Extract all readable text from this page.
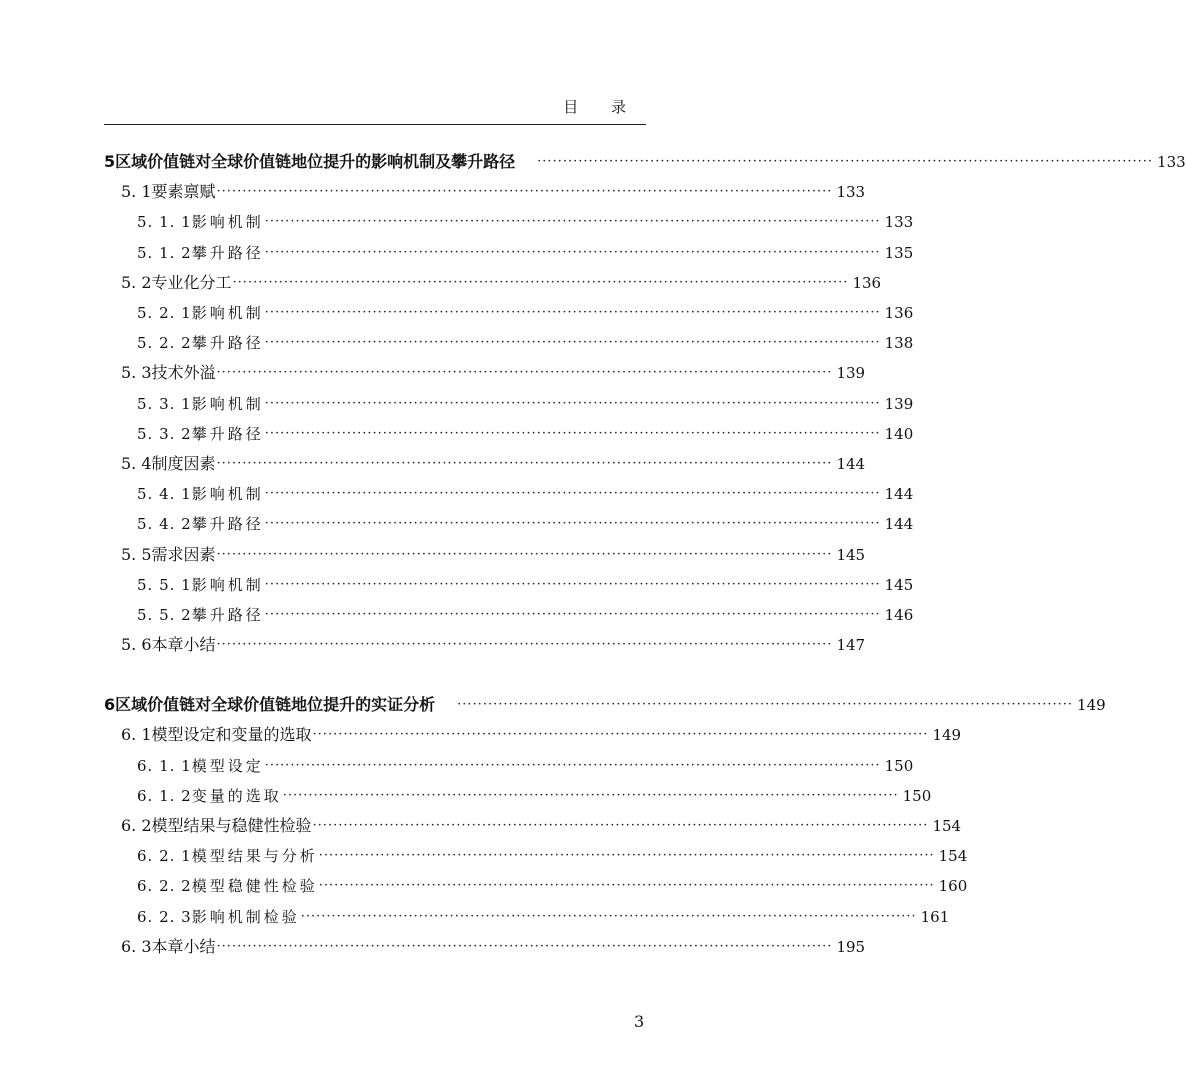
目 录
5 区域价值链对全球价值链地位提升的影响机制及攀升路径 ························································································································ 133
5. 1 要素禀赋 ························································································································ 133
5. 1. 1 影响机制 ························································································································ 133
5. 1. 2 攀升路径 ························································································································ 135
5. 2 专业化分工 ························································································································ 136
5. 2. 1 影响机制 ························································································································ 136
5. 2. 2 攀升路径 ························································································································ 138
5. 3 技术外溢 ························································································································ 139
5. 3. 1 影响机制 ························································································································ 139
5. 3. 2 攀升路径 ························································································································ 140
5. 4 制度因素 ························································································································ 144
5. 4. 1 影响机制 ························································································································ 144
5. 4. 2 攀升路径 ························································································································ 144
5. 5 需求因素 ························································································································ 145
5. 5. 1 影响机制 ························································································································ 145
5. 5. 2 攀升路径 ························································································································ 146
5. 6 本章小结 ························································································································ 147
6 区域价值链对全球价值链地位提升的实证分析 ························································································································ 149
6. 1 模型设定和变量的选取 ························································································································ 149
6. 1. 1 模型设定 ························································································································ 150
6. 1. 2 变量的选取 ························································································································ 150
6. 2 模型结果与稳健性检验 ························································································································ 154
6. 2. 1 模型结果与分析 ························································································································ 154
6. 2. 2 模型稳健性检验 ························································································································ 160
6. 2. 3 影响机制检验 ························································································································ 161
6. 3 本章小结 ························································································································ 195
3
